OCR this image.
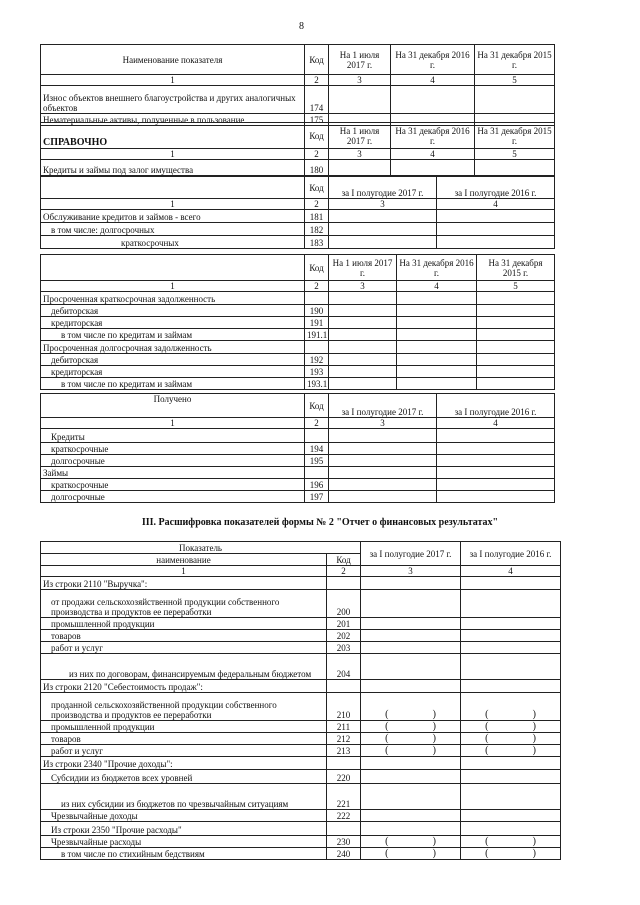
8
Наименование показателя	Код	На 1 июля 2017 г.	На 31 декабря 2016 г.	На 31 декабря 2015 г.
1	2	3	4	5
Износ объектов внешнего благоустройства и других аналогичных объектов	174			
Нематериальные активы, полученные в пользование	175			
СПРАВОЧНО	Код	На 1 июля 2017 г.	На 31 декабря 2016 г.	На 31 декабря 2015 г.
1	2	3	4	5
Кредиты и займы под залог имущества	180			
	Код	за I полугодие 2017 г.	за I полугодие 2016 г.
1	2	3	4
Обслуживание кредитов и займов - всего	181		
в том числе: долгосрочных	182		
краткосрочных	183		
	Код	На 1 июля 2017 г.	На 31 декабря 2016 г.	На 31 декабря 2015 г.
1	2	3	4	5
Просроченная краткосрочная задолженность				
дебиторская	190			
кредиторская	191			
в том числе по кредитам и займам	191.1			
Просроченная долгосрочная задолженность				
дебиторская	192			
кредиторская	193			
в том числе по кредитам и займам	193.1			
Получено	Код	за I полугодие 2017 г.	за I полугодие 2016 г.
1	2	3	4
Кредиты			
краткосрочные	194		
долгосрочные	195		
Займы			
краткосрочные	196		
долгосрочные	197		
III. Расшифровка показателей формы № 2 "Отчет о финансовых результатах"
Показатель		за I полугодие 2017 г.	за I полугодие 2016 г.
наименование	Код		
1	2	3	4
Из строки 2110 "Выручка":			
от продажи сельскохозяйственной продукции собственного производства и продуктов ее переработки	200		
промышленной продукции	201		
товаров	202		
работ и услуг	203		
из них по договорам, финансируемым федеральным бюджетом	204		
Из строки 2120 "Себестоимость продаж":			
проданной сельскохозяйственной продукции собственного производства и продуктов ее переработки	210	( )	( )

промышленной продукции	211	( )	( )

товаров	212	( )	( )

работ и услуг	213	( )	( )

Из строки 2340 "Прочие доходы":			
Субсидии из бюджетов всех уровней	220		
из них субсидии из бюджетов по чрезвычайным ситуациям	221		
Чрезвычайные доходы	222		
Из строки 2350 "Прочие расходы"			
Чрезвычайные расходы	230	( )	( )

в том числе по стихийным бедствиям	240	( )	( )
